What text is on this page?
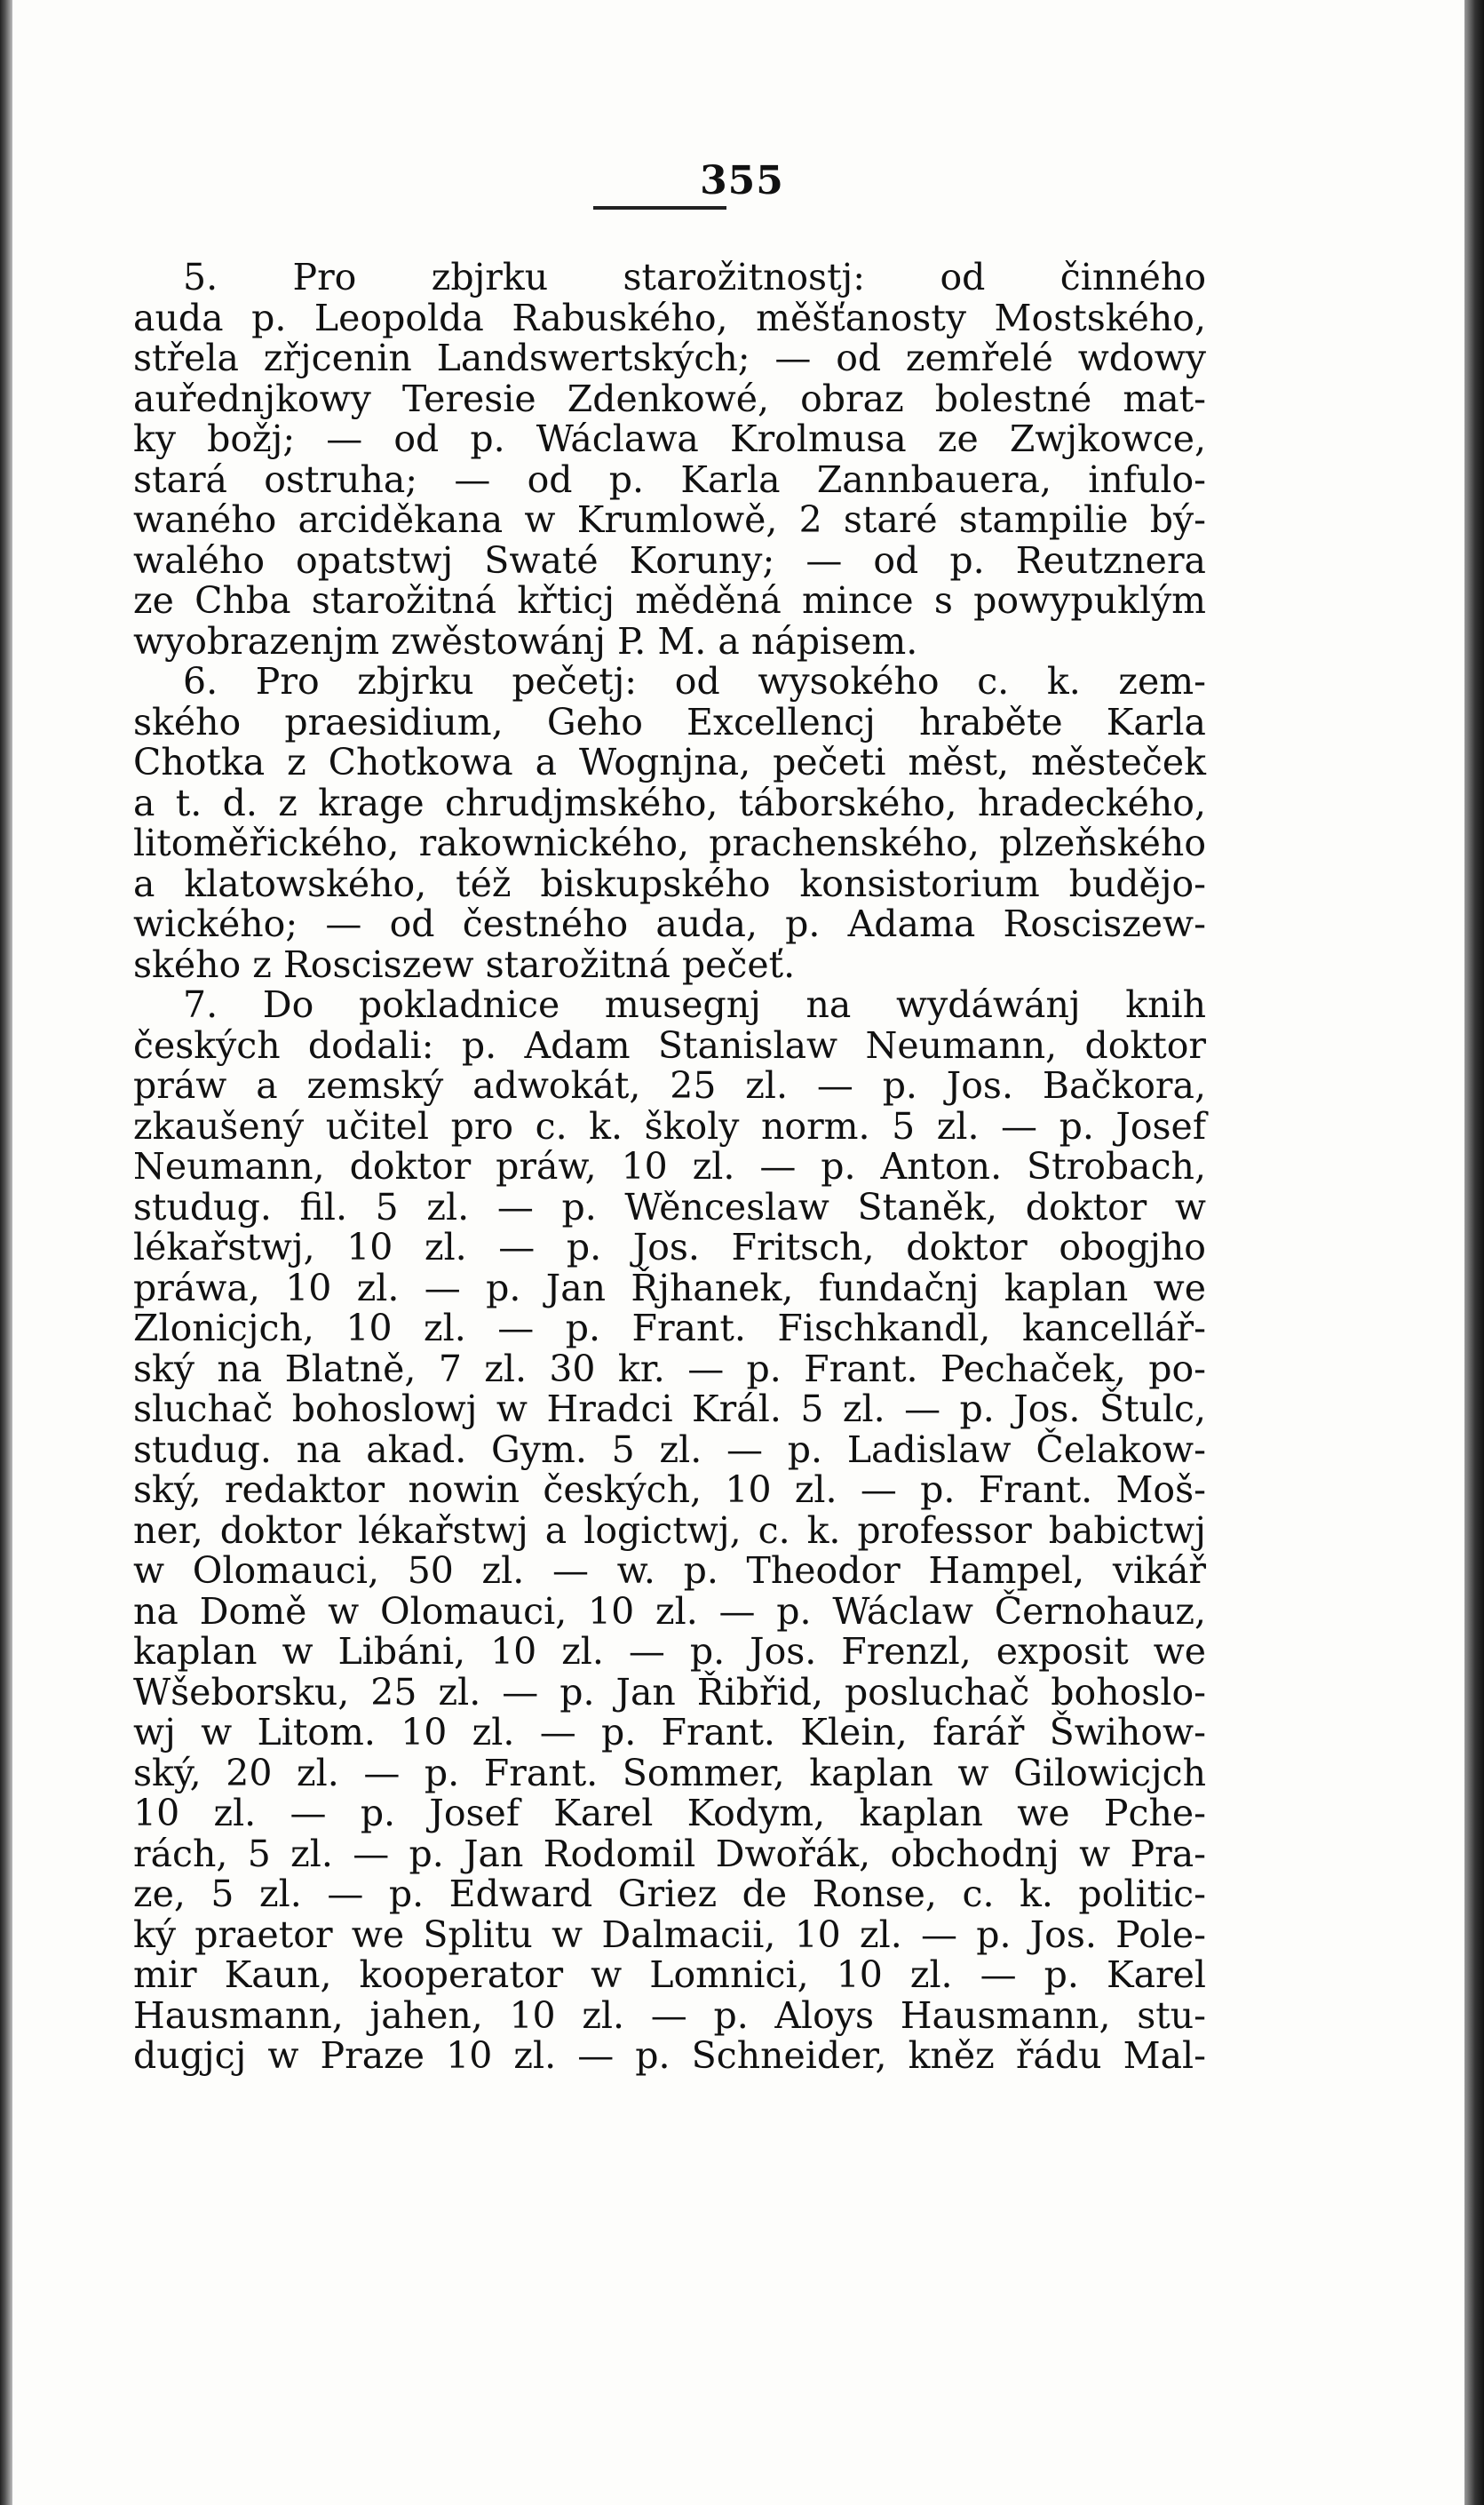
355
5. Pro zbjrku starožitnostj: od činného
auda p. Leopolda Rabuského, měšťanosty Mostského,
střela zřjcenin Landswertských; — od zemřelé wdowy
auřednjkowy Teresie Zdenkowé, obraz bolestné mat-
ky božj; — od p. Wáclawa Krolmusa ze Zwjkowce,
stará ostruha; — od p. Karla Zannbauera, infulo-
waného arciděkana w Krumlowě, 2 staré stampilie bý-
walého opatstwj Swaté Koruny; — od p. Reutznera
ze Chba starožitná křticj měděná mince s powypuklým
wyobrazenjm zwěstowánj P. M. a nápisem.
6. Pro zbjrku pečetj: od wysokého c. k. zem-
ského praesidium, Geho Excellencj hraběte Karla
Chotka z Chotkowa a Wognjna, pečeti měst, městeček
a t. d. z krage chrudjmského, táborského, hradeckého,
litoměřického, rakownického, prachenského, plzeňského
a klatowského, též biskupského konsistorium budějo-
wického; — od čestného auda, p. Adama Rosciszew-
ského z Rosciszew starožitná pečeť.
7. Do pokladnice musegnj na wydáwánj knih
českých dodali: p. Adam Stanislaw Neumann, doktor
práw a zemský adwokát, 25 zl. — p. Jos. Bačkora,
zkaušený učitel pro c. k. školy norm. 5 zl. — p. Josef
Neumann, doktor práw, 10 zl. — p. Anton. Strobach,
studug. fil. 5 zl. — p. Wěnceslaw Staněk, doktor w
lékařstwj, 10 zl. — p. Jos. Fritsch, doktor obogjho
práwa, 10 zl. — p. Jan Řjhanek, fundačnj kaplan we
Zlonicjch, 10 zl. — p. Frant. Fischkandl, kancellář-
ský na Blatně, 7 zl. 30 kr. — p. Frant. Pechaček, po-
sluchač bohoslowj w Hradci Král. 5 zl. — p. Jos. Štulc,
studug. na akad. Gym. 5 zl. — p. Ladislaw Čelakow-
ský, redaktor nowin českých, 10 zl. — p. Frant. Moš-
ner, doktor lékařstwj a logictwj, c. k. professor babictwj
w Olomauci, 50 zl. — w. p. Theodor Hampel, vikář
na Domě w Olomauci, 10 zl. — p. Wáclaw Černohauz,
kaplan w Libáni, 10 zl. — p. Jos. Frenzl, exposit we
Wšeborsku, 25 zl. — p. Jan Řibřid, posluchač bohoslo-
wj w Litom. 10 zl. — p. Frant. Klein, farář Šwihow-
ský, 20 zl. — p. Frant. Sommer, kaplan w Gilowicjch
10 zl. — p. Josef Karel Kodym, kaplan we Pche-
rách, 5 zl. — p. Jan Rodomil Dwořák, obchodnj w Pra-
ze, 5 zl. — p. Edward Griez de Ronse, c. k. politic-
ký praetor we Splitu w Dalmacii, 10 zl. — p. Jos. Pole-
mir Kaun, kooperator w Lomnici, 10 zl. — p. Karel
Hausmann, jahen, 10 zl. — p. Aloys Hausmann, stu-
dugjcj w Praze 10 zl. — p. Schneider, kněz řádu Mal-
